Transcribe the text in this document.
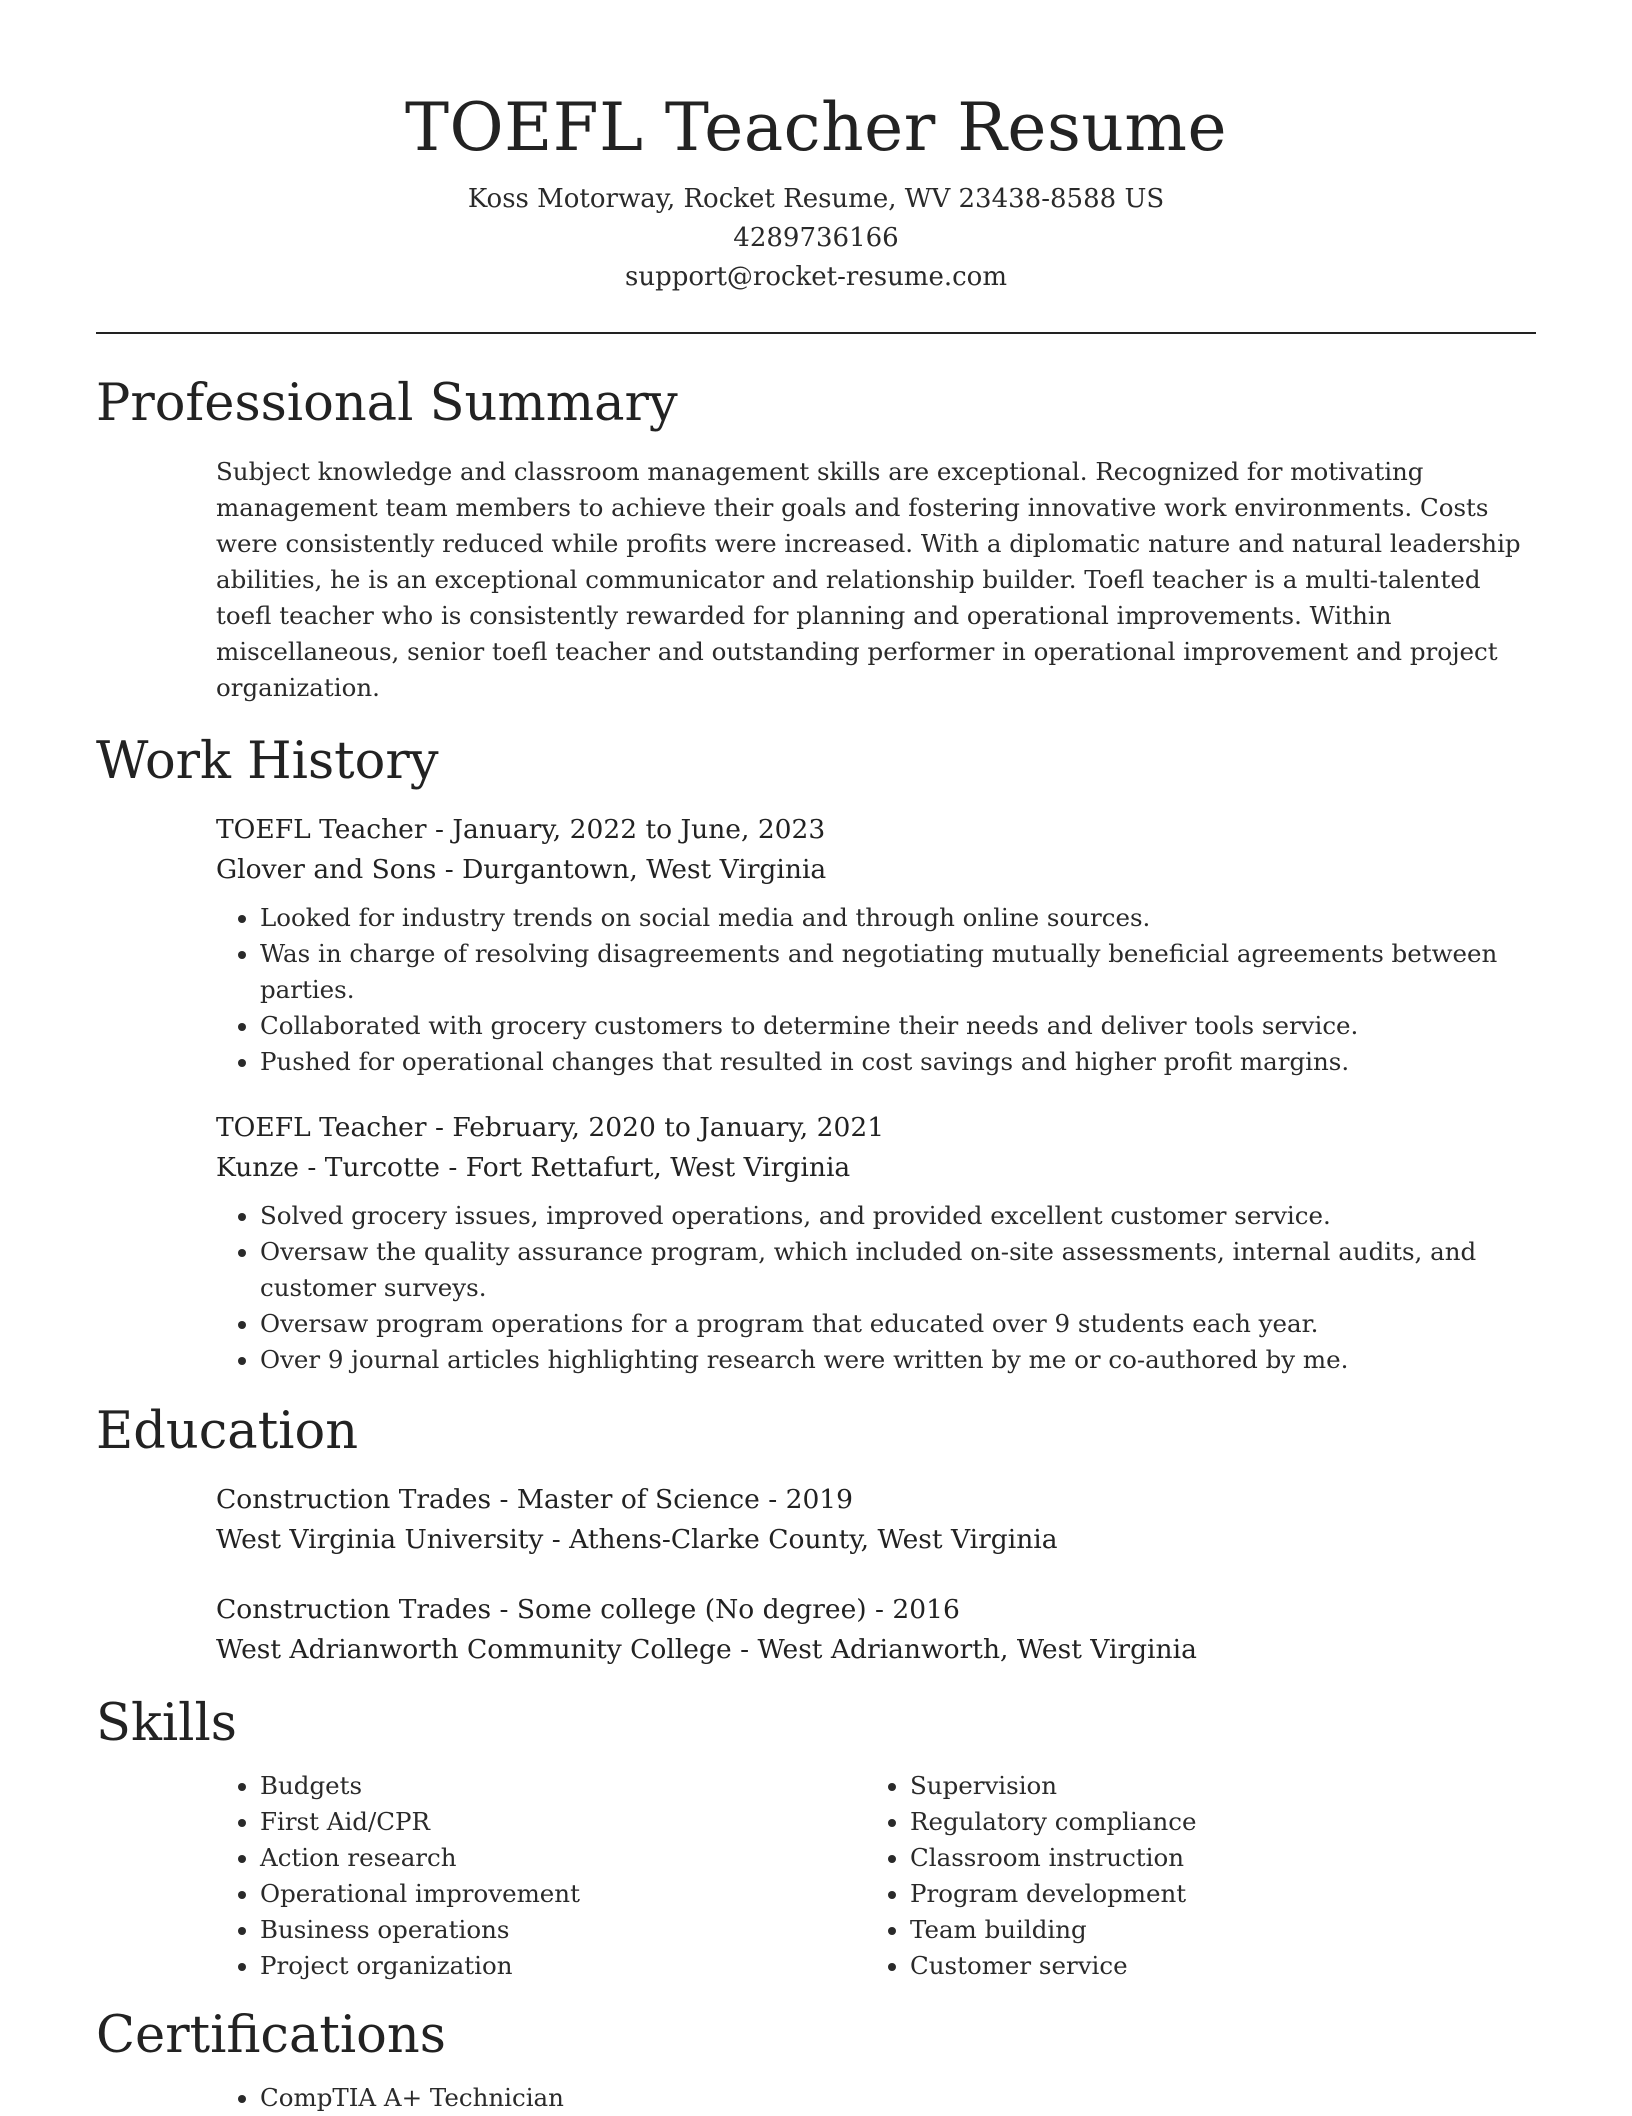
TOEFL Teacher Resume
Koss Motorway, Rocket Resume, WV 23438-8588 US
4289736166
support@rocket-resume.com
Professional Summary

Subject knowledge and classroom management skills are exceptional. Recognized for motivating management team members to achieve their goals and fostering innovative work environments. Costs were consistently reduced while profits were increased. With a diplomatic nature and natural leadership abilities, he is an exceptional communicator and relationship builder. Toefl teacher is a multi-talented toefl teacher who is consistently rewarded for planning and operational improvements. Within miscellaneous, senior toefl teacher and outstanding performer in operational improvement and project organization.

Work History
TOEFL Teacher - January, 2022 to June, 2023
Glover and Sons - Durgantown, West Virginia
• Looked for industry trends on social media and through online sources.
• Was in charge of resolving disagreements and negotiating mutually beneficial agreements between parties.
• Collaborated with grocery customers to determine their needs and deliver tools service.
• Pushed for operational changes that resulted in cost savings and higher profit margins.
TOEFL Teacher - February, 2020 to January, 2021
Kunze - Turcotte - Fort Rettafurt, West Virginia
• Solved grocery issues, improved operations, and provided excellent customer service.
• Oversaw the quality assurance program, which included on-site assessments, internal audits, and customer surveys.
• Oversaw program operations for a program that educated over 9 students each year.
• Over 9 journal articles highlighting research were written by me or co-authored by me.
Education
Construction Trades - Master of Science - 2019
West Virginia University - Athens-Clarke County, West Virginia
Construction Trades - Some college (No degree) - 2016
West Adrianworth Community College - West Adrianworth, West Virginia
Skills
• Budgets
• First Aid/CPR
• Action research
• Operational improvement
• Business operations
• Project organization
• Supervision
• Regulatory compliance
• Classroom instruction
• Program development
• Team building
• Customer service
Certifications
• CompTIA A+ Technician
